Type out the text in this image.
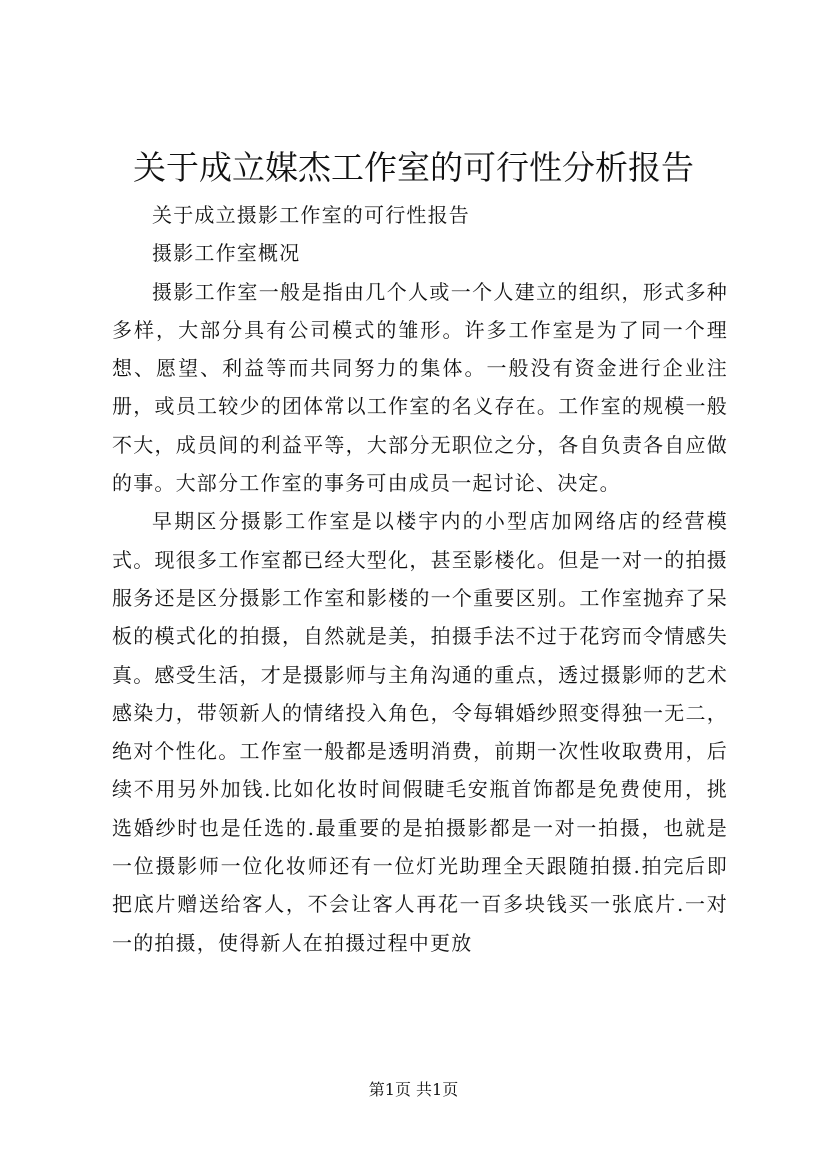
关于成立媒杰工作室的可行性分析报告

关于成立摄影工作室的可行性报告

摄影工作室概况

摄影工作室一般是指由几个人或一个人建立的组织，形式多种多样，大部分具有公司模式的雏形。许多工作室是为了同一个理想、愿望、利益等而共同努力的集体。一般没有资金进行企业注册，或员工较少的团体常以工作室的名义存在。工作室的规模一般不大，成员间的利益平等，大部分无职位之分，各自负责各自应做的事。大部分工作室的事务可由成员一起讨论、决定。

早期区分摄影工作室是以楼宇内的小型店加网络店的经营模式。现很多工作室都已经大型化，甚至影楼化。但是一对一的拍摄服务还是区分摄影工作室和影楼的一个重要区别。工作室抛弃了呆板的模式化的拍摄，自然就是美，拍摄手法不过于花窍而令情感失真。感受生活，才是摄影师与主角沟通的重点，透过摄影师的艺术感染力，带领新人的情绪投入角色，令每辑婚纱照变得独一无二，绝对个性化。工作室一般都是透明消费，前期一次性收取费用，后续不用另外加钱.比如化妆时间假睫毛安瓶首饰都是免费使用，挑选婚纱时也是任选的.最重要的是拍摄影都是一对一拍摄，也就是一位摄影师一位化妆师还有一位灯光助理全天跟随拍摄.拍完后即把底片赠送给客人，不会让客人再花一百多块钱买一张底片.一对一的拍摄，使得新人在拍摄过程中更放

第1页 共1页
